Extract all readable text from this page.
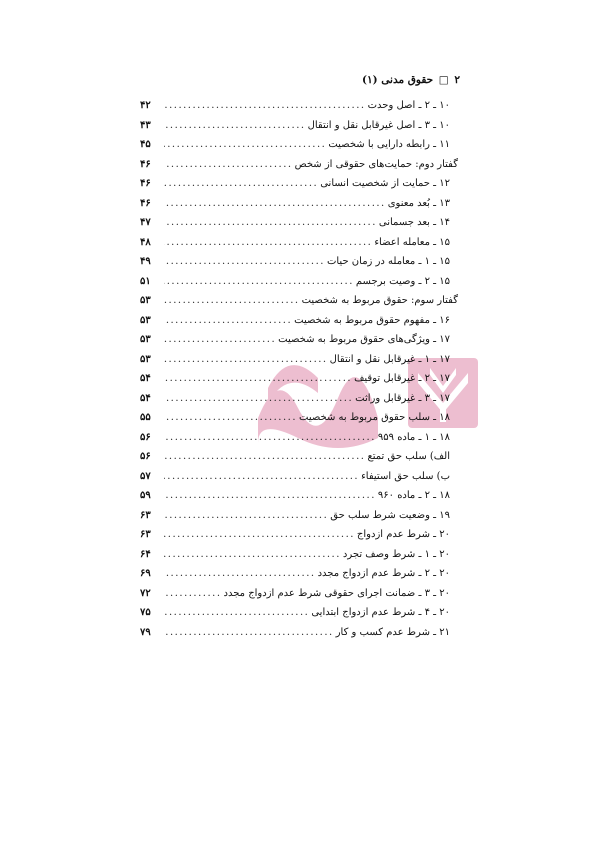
۲ □ حقوق مدنی (۱)
۱۰ ـ ۲ ـ اصل وحدت
.....
۴۲
۱۰ ـ ۳ ـ اصل غیرقابل نقل و انتقال
.....
۴۳
۱۱ ـ رابطه دارایی با شخصیت
.....
۴۵
گفتار دوم: حمایت‌های حقوقی از شخص
.....
۴۶
۱۲ ـ حمایت از شخصیت انسانی
.....
۴۶
۱۳ ـ بُعد معنوی
.....
۴۶
۱۴ ـ بعد جسمانی
.....
۴۷
۱۵ ـ معامله اعضاء
.....
۴۸
۱۵ ـ ۱ ـ معامله در زمان حیات
.....
۴۹
۱۵ ـ ۲ ـ وصیت برجسم
.....
۵۱
گفتار سوم: حقوق مربوط به شخصیت
.....
۵۳
۱۶ ـ مفهوم حقوق مربوط به شخصیت
.....
۵۳
۱۷ ـ ویژگی‌های حقوق مربوط به شخصیت
.....
۵۳
۱۷ ـ ۱ ـ غیرقابل نقل و انتقال
.....
۵۳
۱۷ ـ ۲ ـ غیرقابل توقیف
.....
۵۴
۱۷ ـ ۳ ـ غیرقابل وراثت
.....
۵۴
۱۸ ـ سلب حقوق مربوط به شخصیت
.....
۵۵
۱۸ ـ ۱ ـ ماده ۹۵۹
.....
۵۶
الف) سلب حق تمتع
.....
۵۶
ب) سلب حق استیفاء
.....
۵۷
۱۸ ـ ۲ ـ ماده ۹۶۰
.....
۵۹
۱۹ ـ وضعیت شرط سلب حق
.....
۶۳
۲۰ ـ شرط عدم ازدواج
.....
۶۳
۲۰ ـ ۱ ـ شرط وصف تجرد
.....
۶۴
۲۰ ـ ۲ ـ شرط عدم ازدواج مجدد
.....
۶۹
۲۰ ـ ۳ ـ ضمانت اجرای حقوقی شرط عدم ازدواج مجدد
.....
۷۲
۲۰ ـ ۴ ـ شرط عدم ازدواج ابتدایی
.....
۷۵
۲۱ ـ شرط عدم کسب و کار
.....
۷۹
